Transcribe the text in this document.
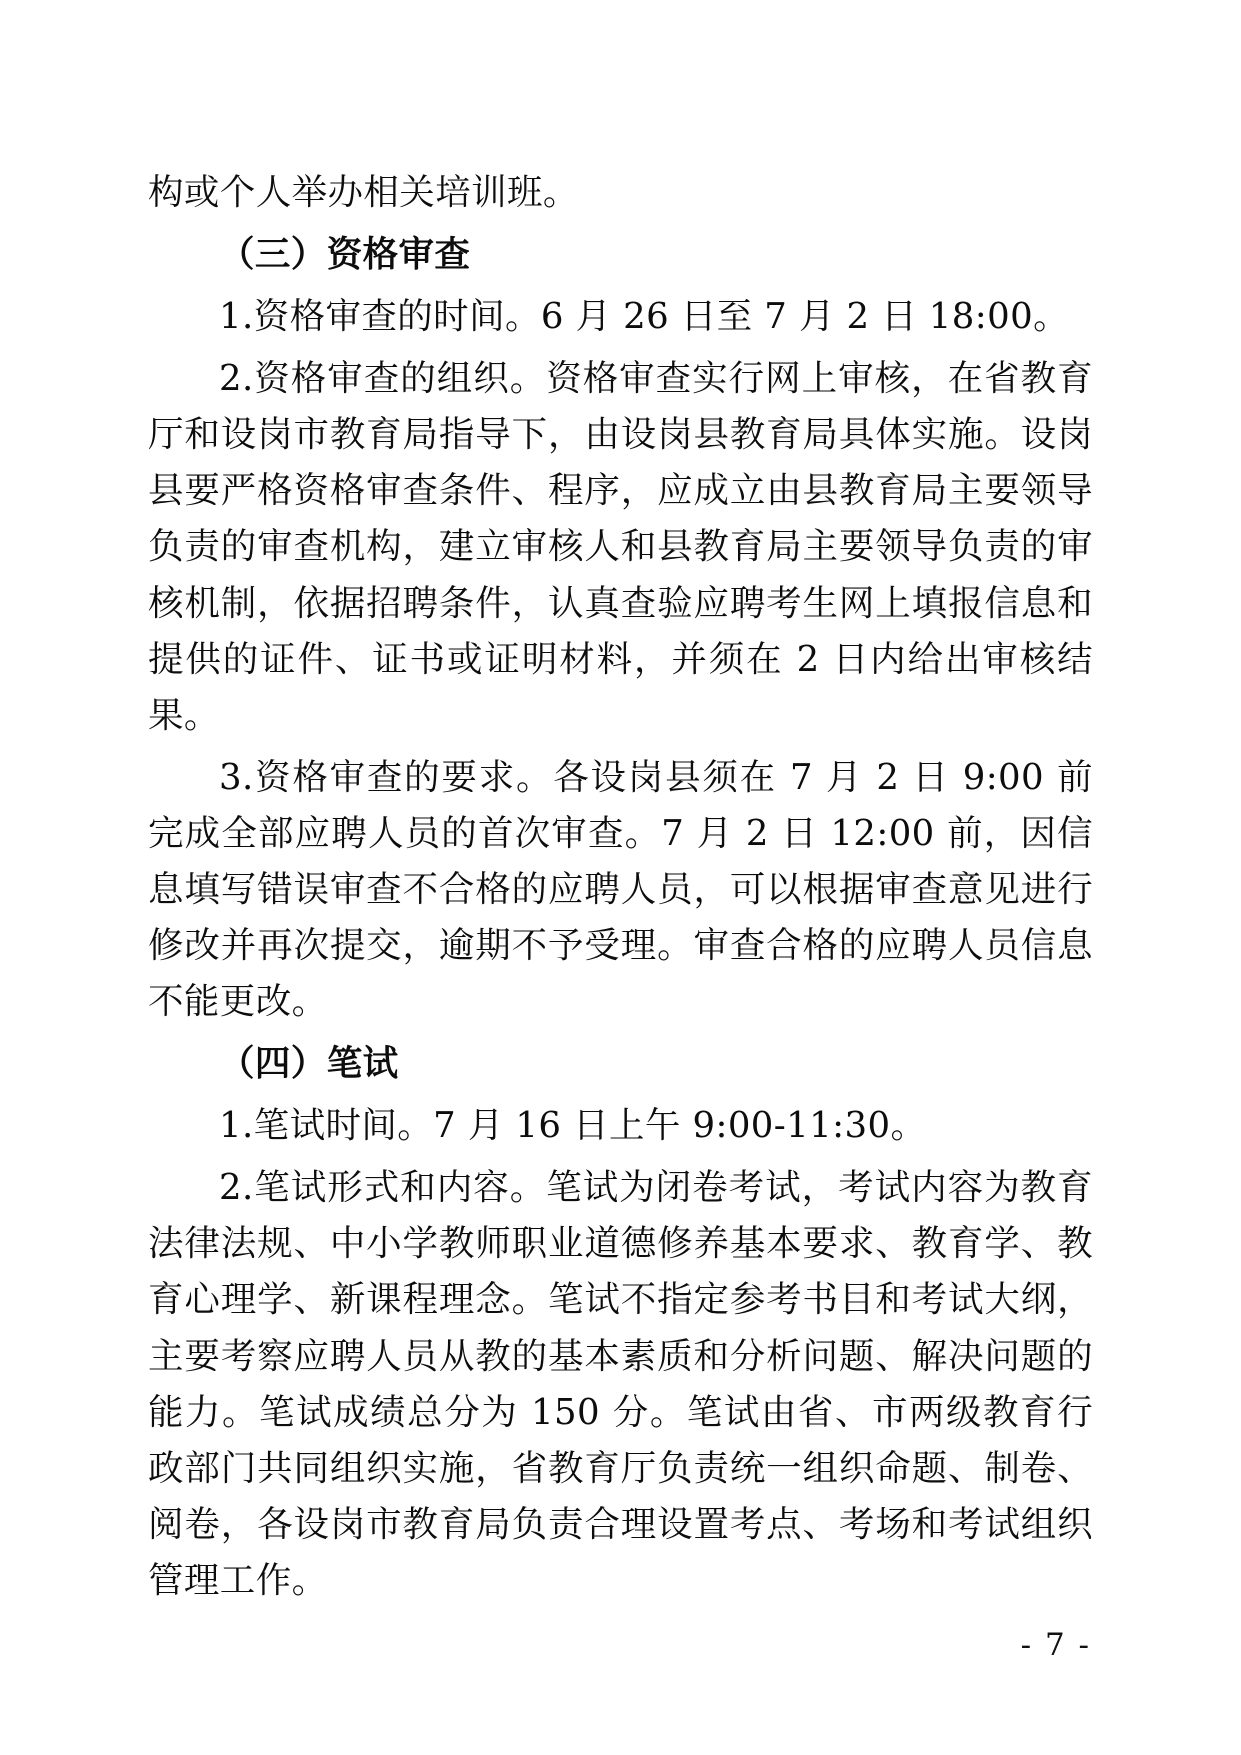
构或个人举办相关培训班。

（三）资格审查

1.资格审查的时间。6 月 26 日至 7 月 2 日 18:00。

2.资格审查的组织。资格审查实行网上审核，在省教育厅和设岗市教育局指导下，由设岗县教育局具体实施。设岗县要严格资格审查条件、程序，应成立由县教育局主要领导负责的审查机构，建立审核人和县教育局主要领导负责的审核机制，依据招聘条件，认真查验应聘考生网上填报信息和提供的证件、证书或证明材料，并须在 2 日内给出审核结果。

3.资格审查的要求。各设岗县须在 7 月 2 日 9:00 前完成全部应聘人员的首次审查。7 月 2 日 12:00 前，因信息填写错误审查不合格的应聘人员，可以根据审查意见进行修改并再次提交，逾期不予受理。审查合格的应聘人员信息不能更改。

（四）笔试

1.笔试时间。7 月 16 日上午 9:00-11:30。

2.笔试形式和内容。笔试为闭卷考试，考试内容为教育法律法规、中小学教师职业道德修养基本要求、教育学、教育心理学、新课程理念。笔试不指定参考书目和考试大纲，主要考察应聘人员从教的基本素质和分析问题、解决问题的能力。笔试成绩总分为 150 分。笔试由省、市两级教育行政部门共同组织实施，省教育厅负责统一组织命题、制卷、阅卷，各设岗市教育局负责合理设置考点、考场和考试组织管理工作。

- 7 -
